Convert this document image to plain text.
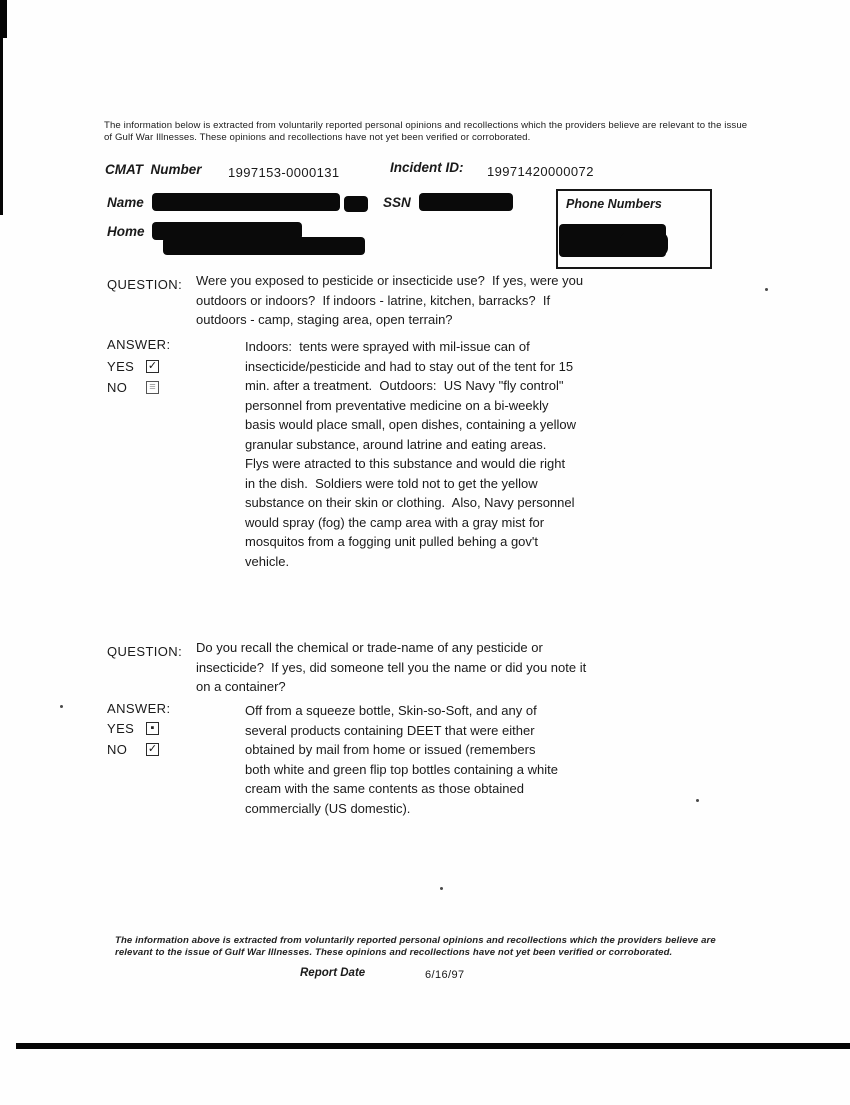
The information below is extracted from voluntarily reported personal opinions and recollections which the providers believe are relevant to the issue of Gulf War Illnesses. These opinions and recollections have not yet been verified or corroborated.
CMAT  Number 1997153-0000131	Incident ID: 19971420000072
Name	SSN	Phone Numbers
Home
QUESTION: Were you exposed to pesticide or insecticide use?  If yes, were you outdoors or indoors?  If indoors - latrine, kitchen, barracks?  If outdoors - camp, staging area, open terrain?
ANSWER:
YES ✓
NO ≡
Indoors:  tents were sprayed with mil-issue can of insecticide/pesticide and had to stay out of the tent for 15 min. after a treatment.  Outdoors:  US Navy "fly control" personnel from preventative medicine on a bi-weekly basis would place small, open dishes, containing a yellow granular substance, around latrine and eating areas.  Flys were atracted to this substance and would die right in the dish.  Soldiers were told not to get the yellow substance on their skin or clothing.  Also, Navy personnel would spray (fog) the camp area with a gray mist for mosquitos from a fogging unit pulled behing a gov't vehicle.
QUESTION: Do you recall the chemical or trade-name of any pesticide or insecticide?  If yes, did someone tell you the name or did you note it on a container?
ANSWER:
YES ▪
NO ✓
Off from a squeeze bottle, Skin-so-Soft, and any of several products containing DEET that were either obtained by mail from home or issued (remembers both white and green flip top bottles containing a white cream with the same contents as those obtained commercially (US domestic).
The information above is extracted from voluntarily reported personal opinions and recollections which the providers believe are relevant to the issue of Gulf War Illnesses. These opinions and recollections have not yet been verified or corroborated.
Report Date	6/16/97
